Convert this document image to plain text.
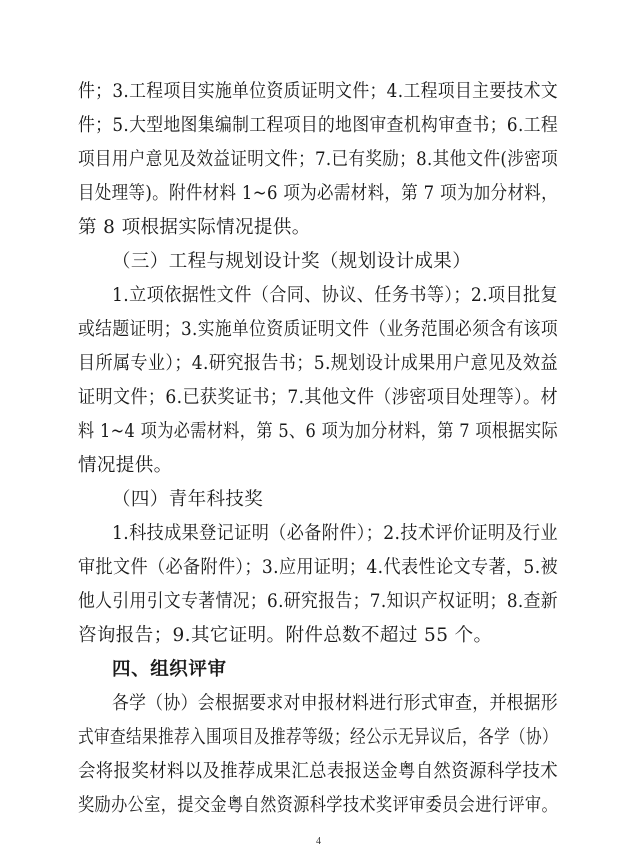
件；3.工程项目实施单位资质证明文件；4.工程项目主要技术文
件；5.大型地图集编制工程项目的地图审查机构审查书；6.工程
项目用户意见及效益证明文件；7.已有奖励；8.其他文件(涉密项
目处理等)。附件材料 1~6 项为必需材料，第 7 项为加分材料，
第 8 项根据实际情况提供。
（三）工程与规划设计奖（规划设计成果）
1.立项依据性文件（合同、协议、任务书等）；2.项目批复
或结题证明；3.实施单位资质证明文件（业务范围必须含有该项
目所属专业）；4.研究报告书；5.规划设计成果用户意见及效益
证明文件；6.已获奖证书；7.其他文件（涉密项目处理等）。材
料 1~4 项为必需材料，第 5、6 项为加分材料，第 7 项根据实际
情况提供。
（四）青年科技奖
1.科技成果登记证明（必备附件）；2.技术评价证明及行业
审批文件（必备附件）；3.应用证明；4.代表性论文专著，5.被
他人引用引文专著情况；6.研究报告；7.知识产权证明；8.查新
咨询报告；9.其它证明。附件总数不超过 55 个。
四、组织评审
各学（协）会根据要求对申报材料进行形式审查，并根据形
式审查结果推荐入围项目及推荐等级；经公示无异议后，各学（协）
会将报奖材料以及推荐成果汇总表报送金粤自然资源科学技术
奖励办公室，提交金粤自然资源科学技术奖评审委员会进行评审。
4
